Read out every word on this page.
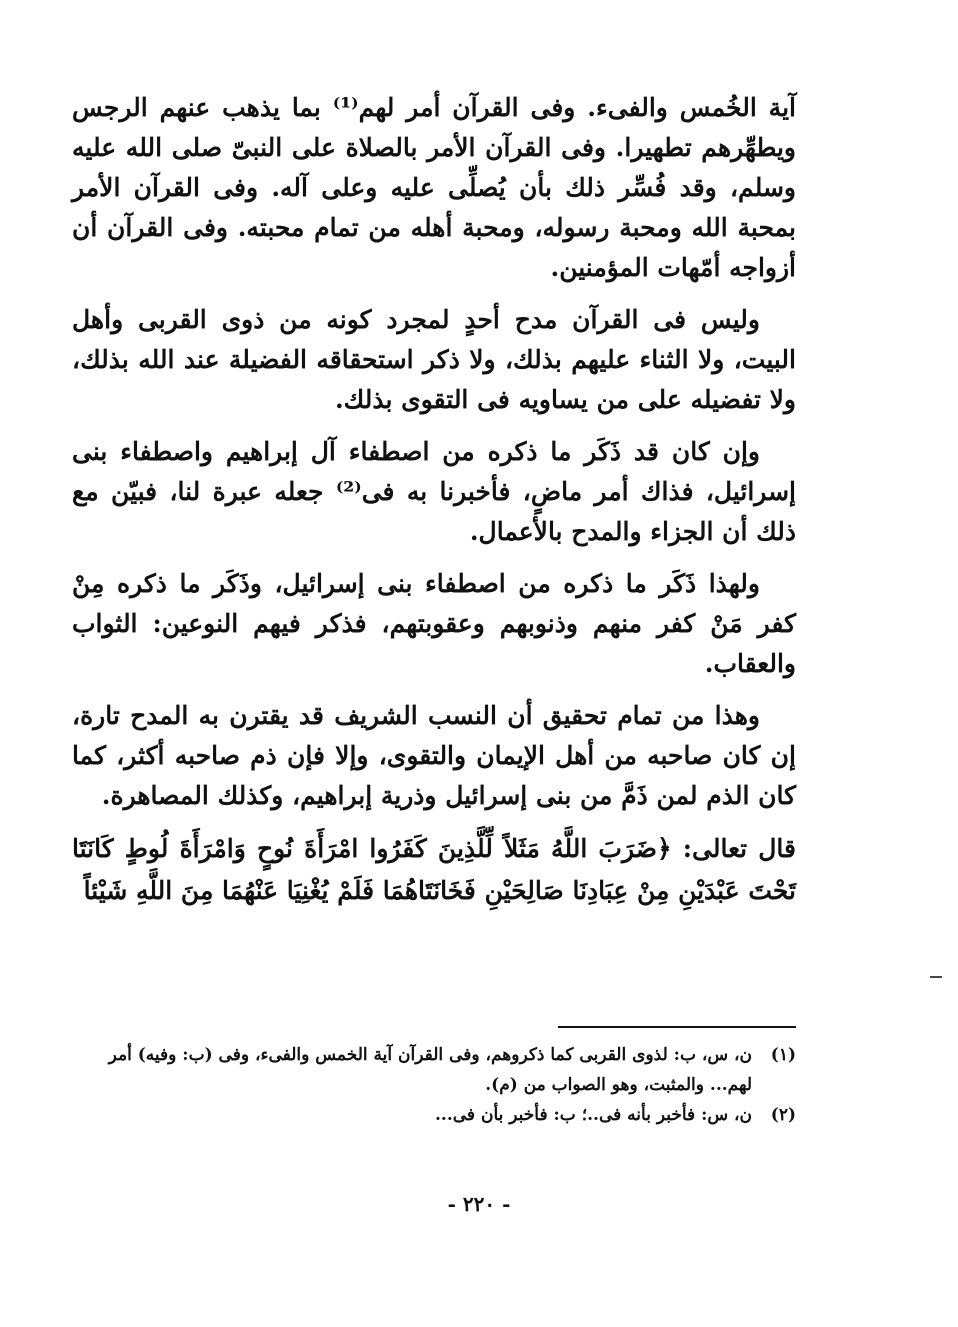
آية الخُمس والفىء. وفى القرآن أمر لهم⁽¹⁾ بما يذهب عنهم الرجس ويطهِّرهم تطهيرا. وفى القرآن الأمر بالصلاة على النبىّ صلى الله عليه وسلم، وقد فُسِّر ذلك بأن يُصلِّى عليه وعلى آله. وفى القرآن الأمر بمحبة الله ومحبة رسوله، ومحبة أهله من تمام محبته. وفى القرآن أن أزواجه أمّهات المؤمنين.

وليس فى القرآن مدح أحدٍ لمجرد كونه من ذوى القربى وأهل البيت، ولا الثناء عليهم بذلك، ولا ذكر استحقاقه الفضيلة عند الله بذلك، ولا تفضيله على من يساويه فى التقوى بذلك.

وإن كان قد ذَكَر ما ذكره من اصطفاء آل إبراهيم واصطفاء بنى إسرائيل، فذاك أمر ماضٍ، فأخبرنا به فى⁽²⁾ جعله عبرة لنا، فبيّن مع ذلك أن الجزاء والمدح بالأعمال.

ولهذا ذَكَر ما ذكره من اصطفاء بنى إسرائيل، وذَكَر ما ذكره مِنْ كفر مَنْ كفر منهم وذنوبهم وعقوبتهم، فذكر فيهم النوعين: الثواب والعقاب.

وهذا من تمام تحقيق أن النسب الشريف قد يقترن به المدح تارة، إن كان صاحبه من أهل الإيمان والتقوى، وإلا فإن ذم صاحبه أكثر، كما كان الذم لمن ذَمَّ من بنى إسرائيل وذرية إبراهيم، وكذلك المصاهرة.

قال تعالى: ﴿ضَرَبَ اللَّهُ مَثَلاً لِّلَّذِينَ كَفَرُوا امْرَأَةَ نُوحٍ وَامْرَأَةَ لُوطٍ كَانَتَا تَحْتَ عَبْدَيْنِ مِنْ عِبَادِنَا صَالِحَيْنِ فَخَانَتَاهُمَا فَلَمْ يُغْنِيَا عَنْهُمَا مِنَ اللَّهِ شَيْئاً

(١)
ن، س، ب: لذوى القربى كما ذكروهم، وفى القرآن آية الخمس والفىء، وفى (ب: وفيه) أمر لهم... والمثبت، وهو الصواب من (م).
(٢)
ن، س: فأخبر بأنه فى..؛ ب: فأخبر بأن فى...
- ٢٢٠ -
